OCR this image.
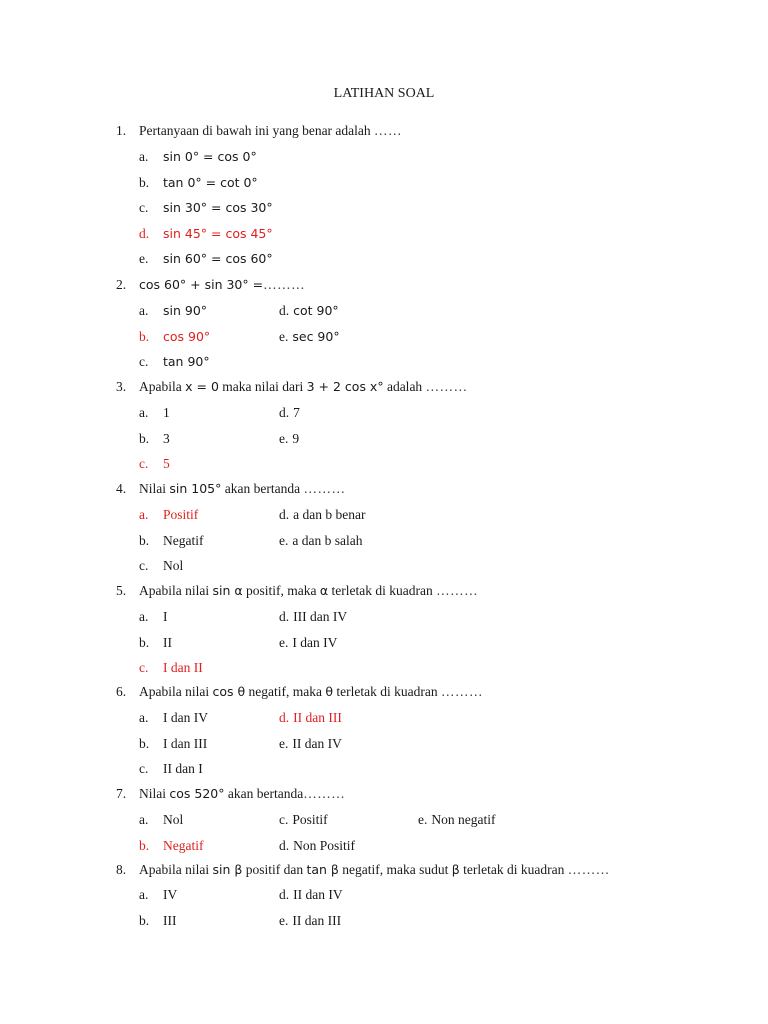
LATIHAN SOAL
1. Pertanyaan di bawah ini yang benar adalah ……
a. sin 0° = cos 0°
b. tan 0° = cot 0°
c. sin 30° = cos 30°
d. sin 45° = cos 45°
e. sin 60° = cos 60°
2. cos 60° + sin 30° =………
a. sin 90°	d. cot 90°
b. cos 90°	e. sec 90°
c. tan 90°
3. Apabila x = 0 maka nilai dari 3 + 2 cos x° adalah ………
a. 1	d. 7
b. 3	e. 9
c. 5
4. Nilai sin 105° akan bertanda ………
a. Positif	d. a dan b benar
b. Negatif	e. a dan b salah
c. Nol
5. Apabila nilai sin α positif, maka α terletak di kuadran ………
a. I	d. III dan IV
b. II	e. I dan IV
c. I dan II
6. Apabila nilai cos θ negatif, maka θ terletak di kuadran ………
a. I dan IV	d. II dan III
b. I dan III	e. II dan IV
c. II dan I
7. Nilai cos 520° akan bertanda………
a. Nol	c. Positif	e. Non negatif
b. Negatif	d. Non Positif
8. Apabila nilai sin β positif dan tan β negatif, maka sudut β terletak di kuadran ………
a. IV	d. II dan IV
b. III	e. II dan III
